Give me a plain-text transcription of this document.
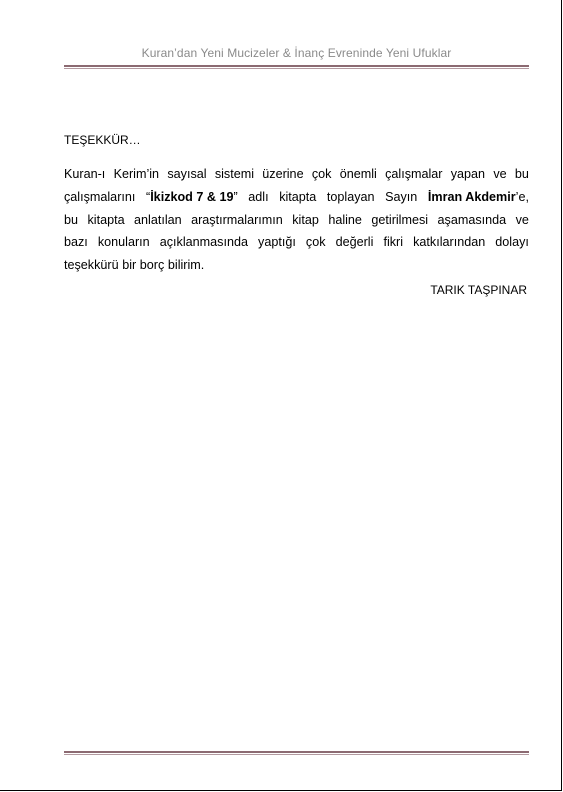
Kuran’dan Yeni Mucizeler & İnanç Evreninde Yeni Ufuklar
TEŞEKKÜR…
Kuran-ı Kerim’in sayısal sistemi üzerine çok önemli çalışmalar yapan ve bu
çalışmalarını “İkizkod 7 & 19” adlı kitapta toplayan Sayın İmran Akdemir’e,
bu kitapta anlatılan araştırmalarımın kitap haline getirilmesi aşamasında ve
bazı konuların açıklanmasında yaptığı çok değerli fikri katkılarından dolayı
teşekkürü bir borç bilirim.
TARIK TAŞPINAR
